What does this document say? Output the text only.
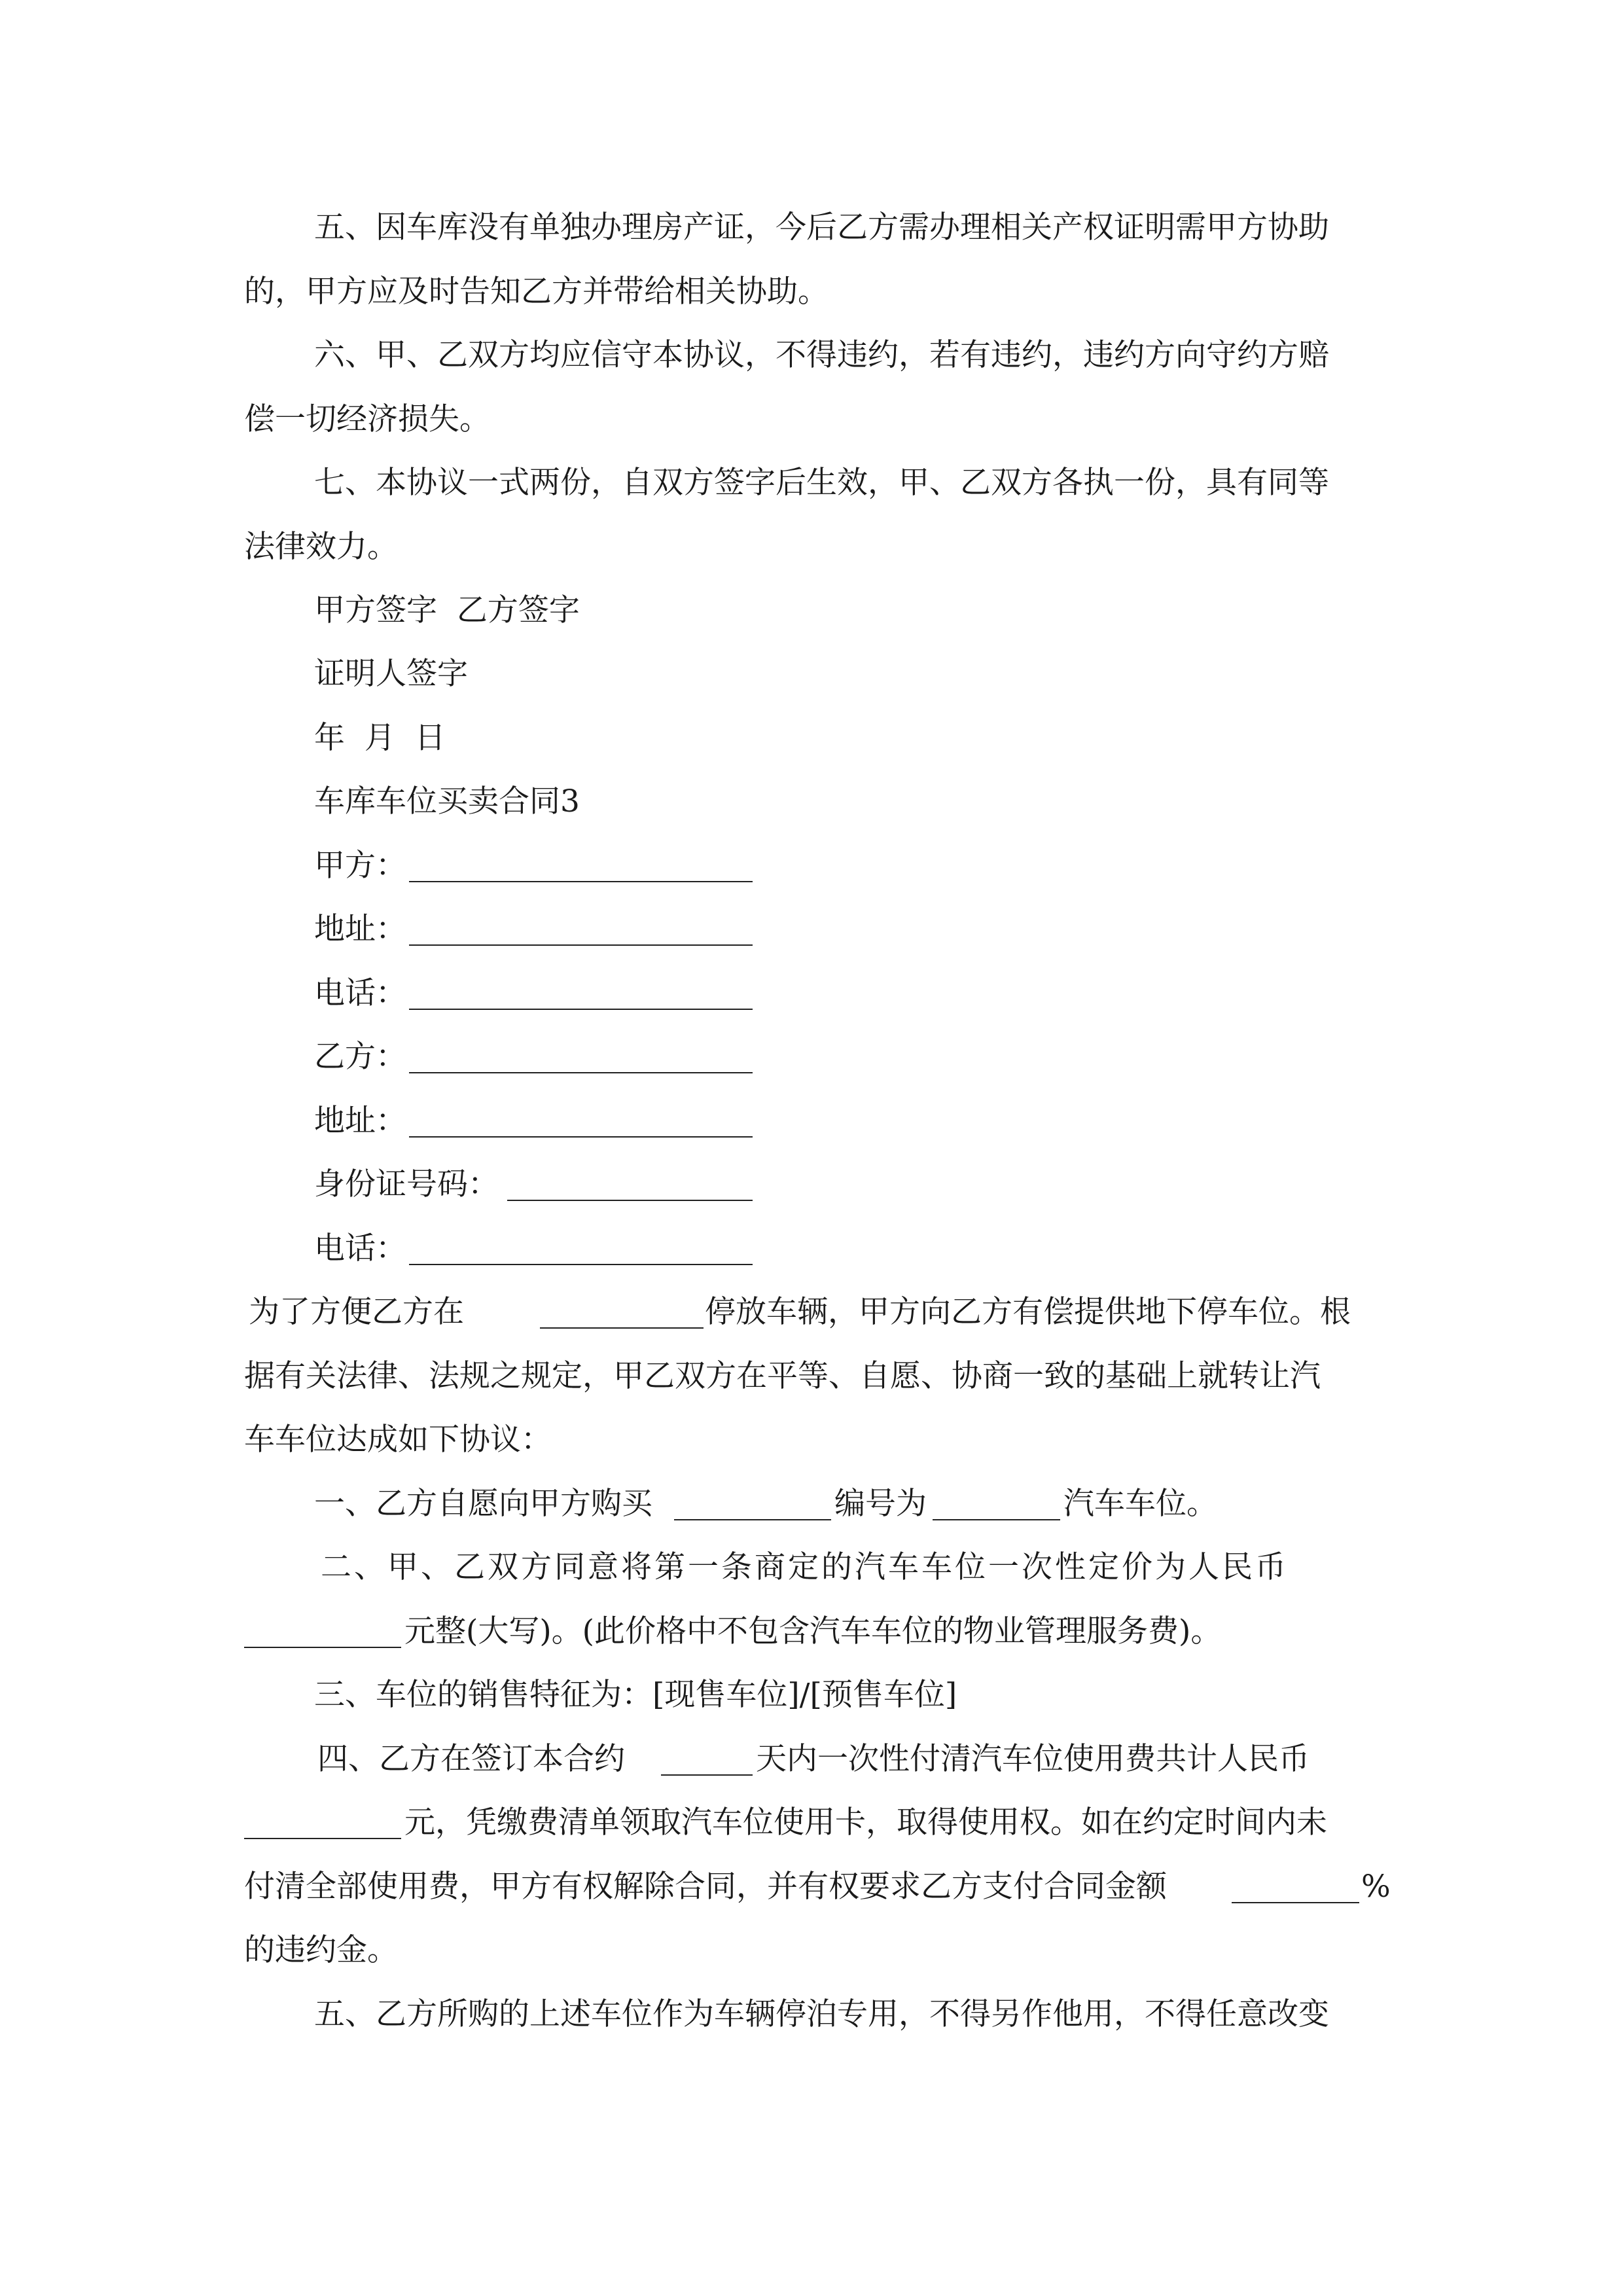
五、因车库没有单独办理房产证，今后乙方需办理相关产权证明需甲方协助
的，甲方应及时告知乙方并带给相关协助。
六、甲、乙双方均应信守本协议，不得违约，若有违约，违约方向守约方赔
偿一切经济损失。
七、本协议一式两份，自双方签字后生效，甲、乙双方各执一份，具有同等
法律效力。
甲方签字  乙方签字
证明人签字
年  月  日
车库车位买卖合同3
甲方：
地址：
电话：
乙方：
地址：
身份证号码：
电话：
为了方便乙方在	停放车辆，甲方向乙方有偿提供地下停车位。根
据有关法律、法规之规定，甲乙双方在平等、自愿、协商一致的基础上就转让汽
车车位达成如下协议：
一、乙方自愿向甲方购买	编号为	汽车车位。
二、甲、乙双方同意将第一条商定的汽车车位一次性定价为人民币
元整(大写)。(此价格中不包含汽车车位的物业管理服务费)。
三、车位的销售特征为：[现售车位]/[预售车位]
四、乙方在签订本合约	天内一次性付清汽车位使用费共计人民币
元，凭缴费清单领取汽车位使用卡，取得使用权。如在约定时间内未
付清全部使用费，甲方有权解除合同，并有权要求乙方支付合同金额	%
的违约金。
五、乙方所购的上述车位作为车辆停泊专用，不得另作他用，不得任意改变
